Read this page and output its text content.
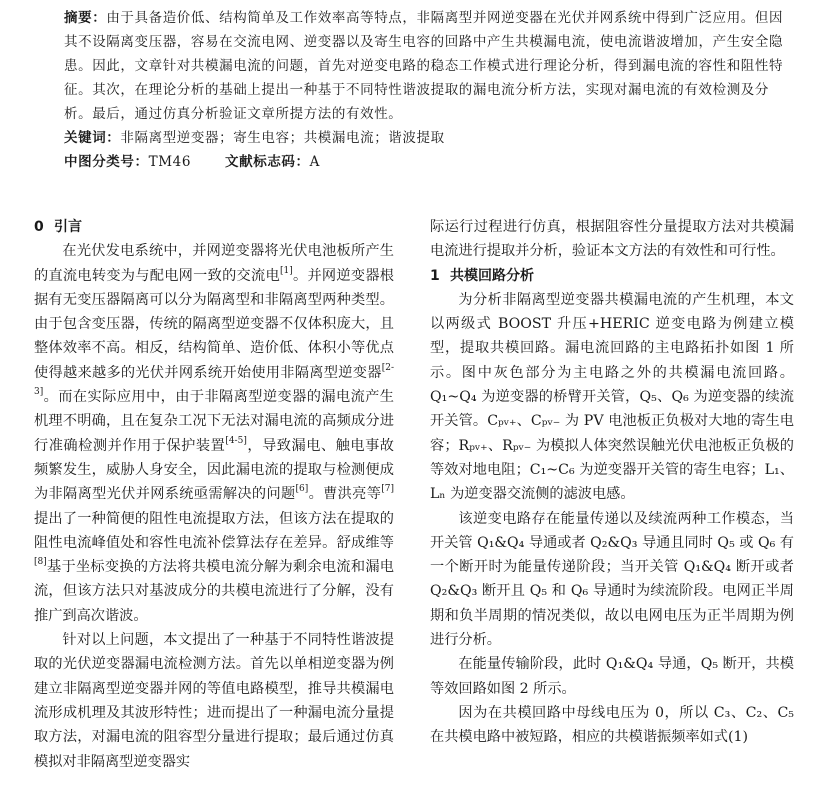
摘要：由于具备造价低、结构简单及工作效率高等特点，非隔离型并网逆变器在光伏并网系统中得到广泛应用。但因其不设隔离变压器，容易在交流电网、逆变器以及寄生电容的回路中产生共模漏电流，使电流谐波增加，产生安全隐患。因此，文章针对共模漏电流的问题，首先对逆变电路的稳态工作模式进行理论分析，得到漏电流的容性和阻性特征。其次，在理论分析的基础上提出一种基于不同特性谐波提取的漏电流分析方法，实现对漏电流的有效检测及分析。最后，通过仿真分析验证文章所提方法的有效性。
关键词：非隔离型逆变器；寄生电容；共模漏电流；谐波提取
中图分类号：TM46	文献标志码：A
0 引言

在光伏发电系统中，并网逆变器将光伏电池板所产生的直流电转变为与配电网一致的交流电[1]。并网逆变器根据有无变压器隔离可以分为隔离型和非隔离型两种类型。由于包含变压器，传统的隔离型逆变器不仅体积庞大，且整体效率不高。相反，结构简单、造价低、体积小等优点使得越来越多的光伏并网系统开始使用非隔离型逆变器[2-3]。而在实际应用中，由于非隔离型逆变器的漏电流产生机理不明确，且在复杂工况下无法对漏电流的高频成分进行准确检测并作用于保护装置[4-5]，导致漏电、触电事故频繁发生，威胁人身安全，因此漏电流的提取与检测便成为非隔离型光伏并网系统亟需解决的问题[6]。曹洪亮等[7]提出了一种简便的阻性电流提取方法，但该方法在提取的阻性电流峰值处和容性电流补偿算法存在差异。舒成维等[8]基于坐标变换的方法将共模电流分解为剩余电流和漏电流，但该方法只对基波成分的共模电流进行了分解，没有推广到高次谐波。

针对以上问题，本文提出了一种基于不同特性谐波提取的光伏逆变器漏电流检测方法。首先以单相逆变器为例建立非隔离型逆变器并网的等值电路模型，推导共模漏电流形成机理及其波形特性；进而提出了一种漏电流分量提取方法，对漏电流的阻容型分量进行提取；最后通过仿真模拟对非隔离型逆变器实

际运行过程进行仿真，根据阻容性分量提取方法对共模漏电流进行提取并分析，验证本文方法的有效性和可行性。

1 共模回路分析

为分析非隔离型逆变器共模漏电流的产生机理，本文以两级式 BOOST 升压+HERIC 逆变电路为例建立模型，提取共模回路。漏电流回路的主电路拓扑如图 1 所示。图中灰色部分为主电路之外的共模漏电流回路。Q₁~Q₄ 为逆变器的桥臂开关管，Q₅、Q₆ 为逆变器的续流开关管。Cₚᵥ₊、Cₚᵥ₋ 为 PV 电池板正负极对大地的寄生电容；Rₚᵥ₊、Rₚᵥ₋ 为模拟人体突然误触光伏电池板正负极的等效对地电阻；C₁~C₆ 为逆变器开关管的寄生电容；L₁、Lₙ 为逆变器交流侧的滤波电感。

该逆变电路存在能量传递以及续流两种工作模态，当开关管 Q₁&Q₄ 导通或者 Q₂&Q₃ 导通且同时 Q₅ 或 Q₆ 有一个断开时为能量传递阶段；当开关管 Q₁&Q₄ 断开或者 Q₂&Q₃ 断开且 Q₅ 和 Q₆ 导通时为续流阶段。电网正半周期和负半周期的情况类似，故以电网电压为正半周期为例进行分析。

在能量传输阶段，此时 Q₁&Q₄ 导通，Q₅ 断开，共模等效回路如图 2 所示。

因为在共模回路中母线电压为 0，所以 C₃、C₂、C₅ 在共模电路中被短路，相应的共模谐振频率如式(1)
